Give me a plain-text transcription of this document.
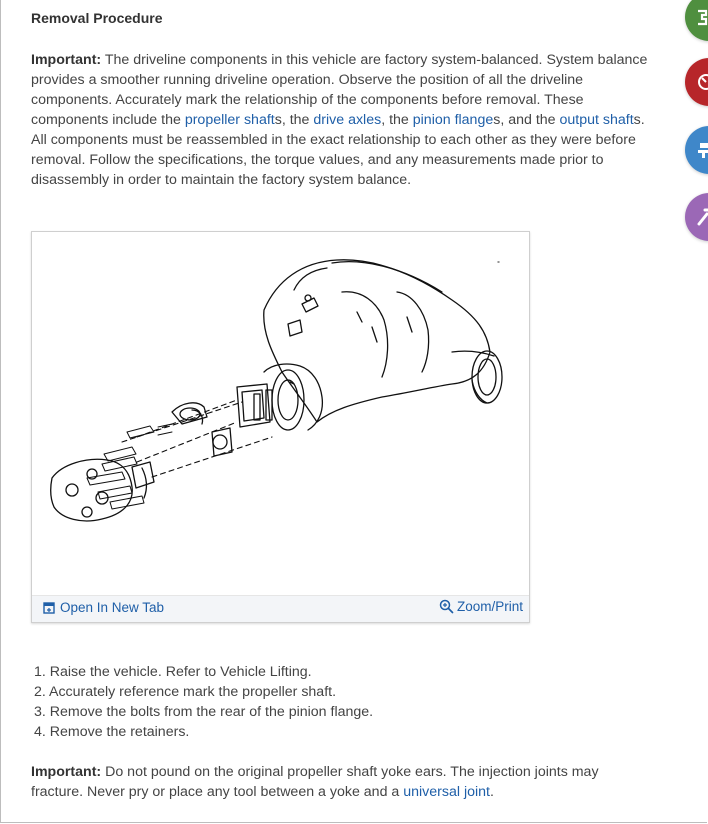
Removal Procedure
Important: The driveline components in this vehicle are factory system-balanced. System balance provides a smoother running driveline operation. Observe the position of all the driveline components. Accurately mark the relationship of the components before removal. These components include the propeller shafts, the drive axles, the pinion flanges, and the output shafts. All components must be reassembled in the exact relationship to each other as they were before removal. Follow the specifications, the torque values, and any measurements made prior to disassembly in order to maintain the factory system balance.
Open In New Tab	Zoom/Print
1. Raise the vehicle. Refer to Vehicle Lifting.
2. Accurately reference mark the propeller shaft.
3. Remove the bolts from the rear of the pinion flange.
4. Remove the retainers.
Important: Do not pound on the original propeller shaft yoke ears. The injection joints may fracture. Never pry or place any tool between a yoke and a universal joint.
